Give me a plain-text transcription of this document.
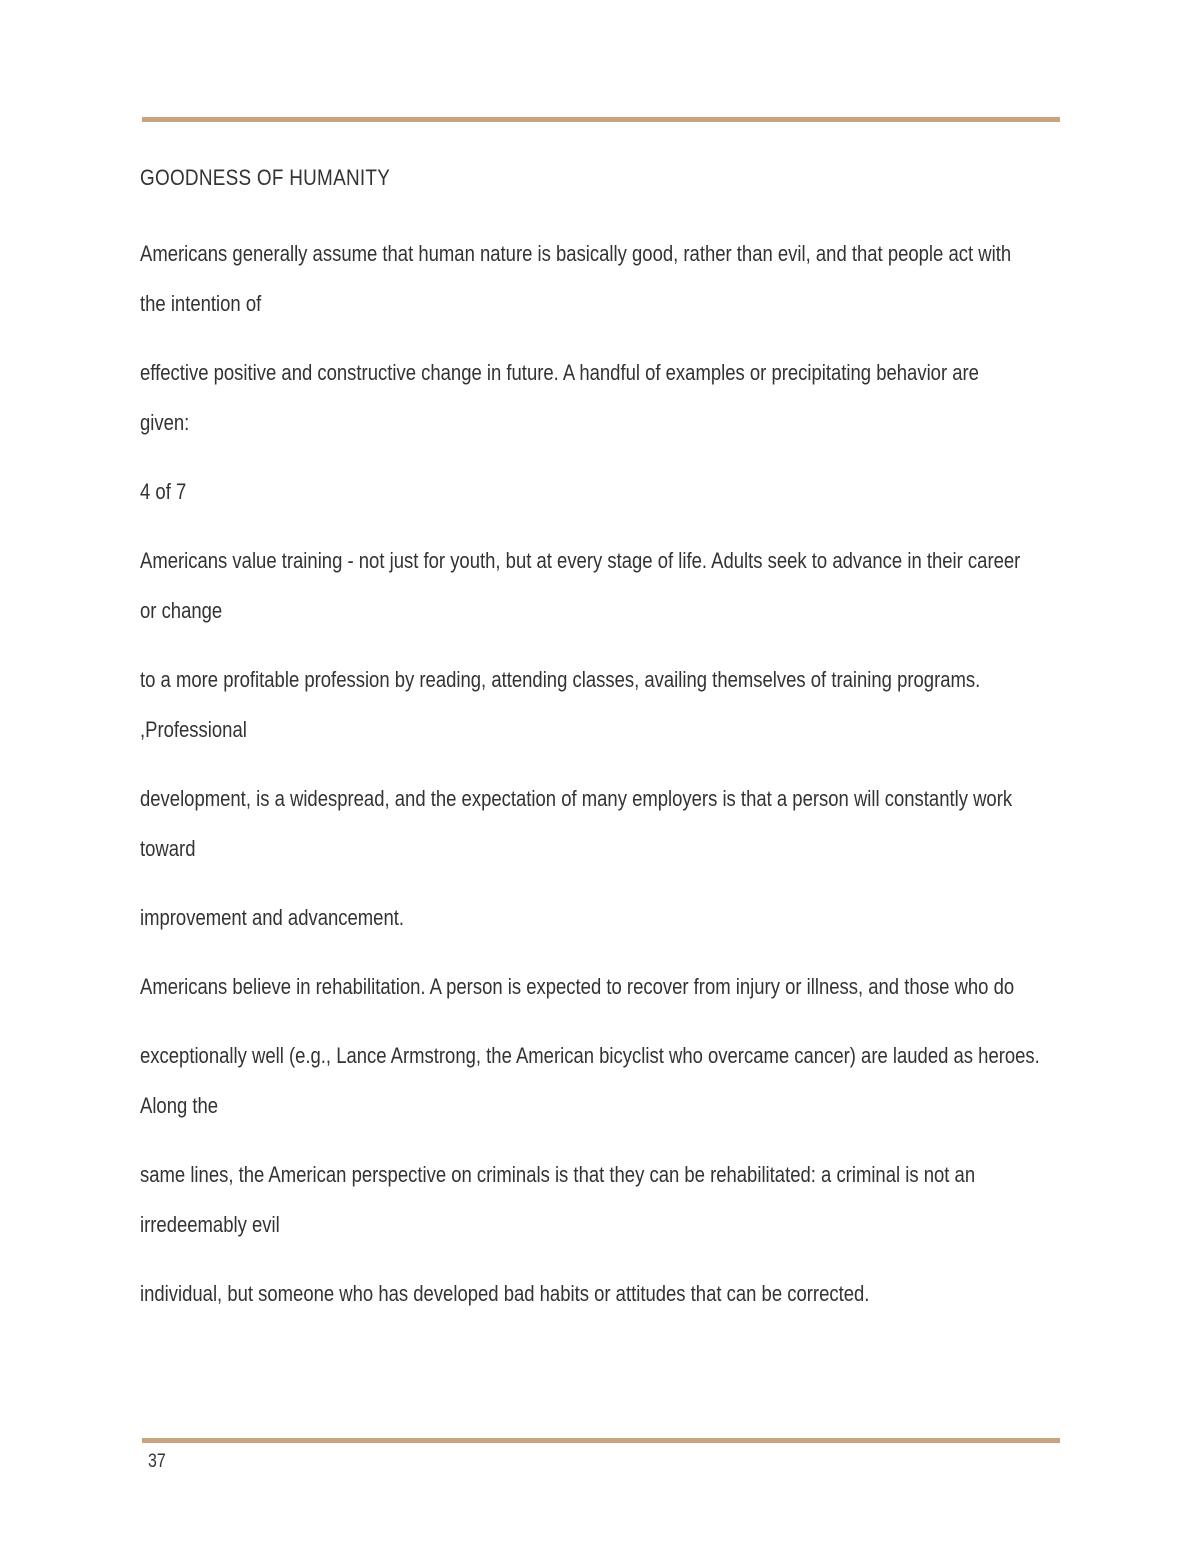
GOODNESS OF HUMANITY
Americans generally assume that human nature is basically good, rather than evil, and that people act with
the intention of
effective positive and constructive change in future. A handful of examples or precipitating behavior are
given:
4 of 7
Americans value training - not just for youth, but at every stage of life. Adults seek to advance in their career
or change
to a more profitable profession by reading, attending classes, availing themselves of training programs.
,Professional
development, is a widespread, and the expectation of many employers is that a person will constantly work
toward
improvement and advancement.
Americans believe in rehabilitation. A person is expected to recover from injury or illness, and those who do
exceptionally well (e.g., Lance Armstrong, the American bicyclist who overcame cancer) are lauded as heroes.
Along the
same lines, the American perspective on criminals is that they can be rehabilitated: a criminal is not an
irredeemably evil
individual, but someone who has developed bad habits or attitudes that can be corrected.
37
